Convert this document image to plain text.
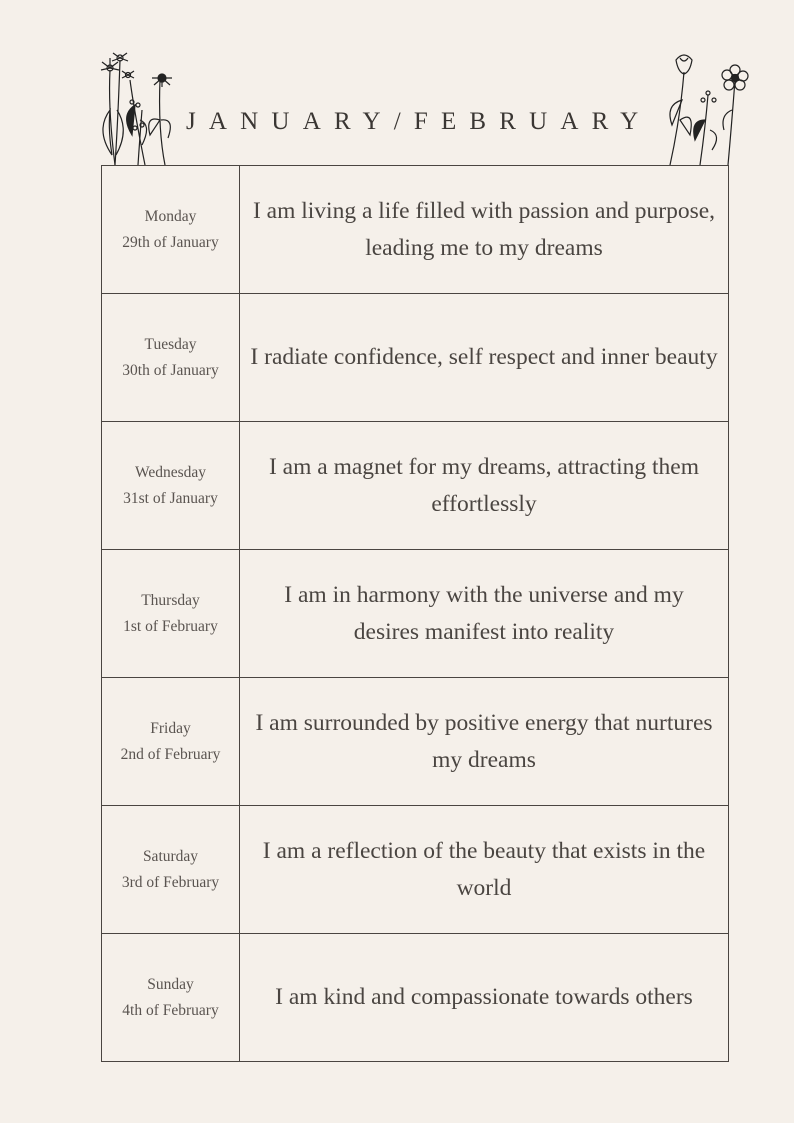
JANUARY/FEBRUARY
Monday
29th of January	I am living a life filled with passion and purpose, leading me to my dreams

Tuesday
30th of January	I radiate confidence, self respect and inner beauty

Wednesday
31st of January	I am a magnet for my dreams, attracting them effortlessly

Thursday
1st of February	I am in harmony with the universe and my desires manifest into reality

Friday
2nd of February	I am surrounded by positive energy that nurtures my dreams

Saturday
3rd of February	I am a reflection of the beauty that exists in the world

Sunday
4th of February	I am kind and compassionate towards others
